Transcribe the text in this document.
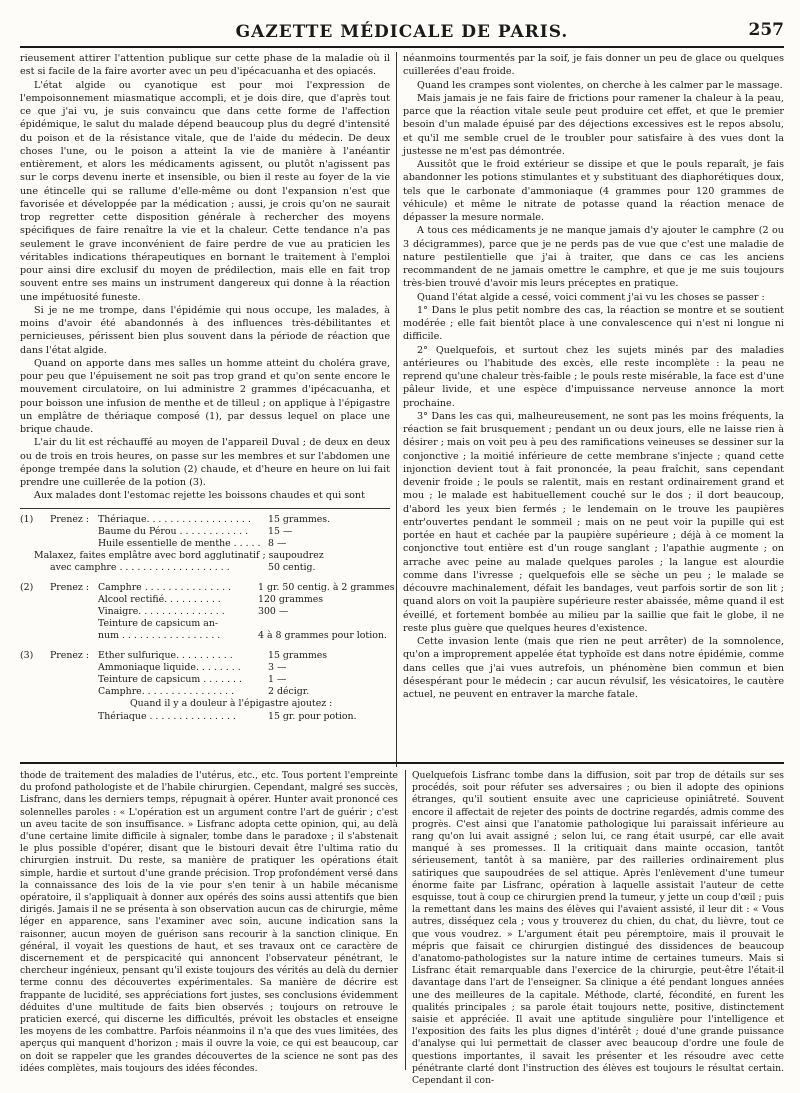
GAZETTE MÉDICALE DE PARIS.	257

rieusement attirer l'attention publique sur cette phase de la maladie où il est si facile de la faire avorter avec un peu d'ipécacuanha et des opiacés.

L'état algide ou cyanotique est pour moi l'expression de l'empoisonnement miasmatique accompli, et je dois dire, que d'après tout ce que j'ai vu, je suis convaincu que dans cette forme de l'affection épidémique, le salut du malade dépend beaucoup plus du degré d'intensité du poison et de la résistance vitale, que de l'aide du médecin. De deux choses l'une, ou le poison a atteint la vie de manière à l'anéantir entièrement, et alors les médicaments agissent, ou plutôt n'agissent pas sur le corps devenu inerte et insensible, ou bien il reste au foyer de la vie une étincelle qui se rallume d'elle-même ou dont l'expansion n'est que favorisée et développée par la médication ; aussi, je crois qu'on ne saurait trop regretter cette disposition générale à rechercher des moyens spécifiques de faire renaître la vie et la chaleur. Cette tendance n'a pas seulement le grave inconvénient de faire perdre de vue au praticien les véritables indications thérapeutiques en bornant le traitement à l'emploi pour ainsi dire exclusif du moyen de prédilection, mais elle en fait trop souvent entre ses mains un instrument dangereux qui donne à la réaction une impétuosité funeste.

Si je ne me trompe, dans l'épidémie qui nous occupe, les malades, à moins d'avoir été abandonnés à des influences très-débilitantes et pernicieuses, périssent bien plus souvent dans la période de réaction que dans l'état algide.

Quand on apporte dans mes salles un homme atteint du choléra grave, pour peu que l'épuisement ne soit pas trop grand et qu'on sente encore le mouvement circulatoire, on lui administre 2 grammes d'ipécacuanha, et pour boisson une infusion de menthe et de tilleul ; on applique à l'épigastre un emplâtre de thériaque composé (1), par dessus lequel on place une brique chaude.

L'air du lit est réchauffé au moyen de l'appareil Duval ; de deux en deux ou de trois en trois heures, on passe sur les membres et sur l'abdomen une éponge trempée dans la solution (2) chaude, et d'heure en heure on lui fait prendre une cuillerée de la potion (3).

Aux malades dont l'estomac rejette les boissons chaudes et qui sont

(1)	Prenez : Thériaque. . . . . . . . . . . . . . . . . .	15 grammes.
Baume du Pérou . . . . . . . . . . . .	15 —
Huile essentielle de menthe . . . . . 8 —
Malaxez, faites emplâtre avec bord agglutinatif ; saupoudrez
avec camphre . . . . . . . . . . . . . . . . . . .	50 centig.
(2)	Prenez : Camphre . . . . . . . . . . . . . . .	1 gr. 50 centig. à 2 grammes
Alcool rectifié. . . . . . . . . .	120 grammes
Vinaigre. . . . . . . . . . . . . . .	300 —
Teinture de capsicum an-
num . . . . . . . . . . . . . . . . .	4 à 8 grammes pour lotion.
(3)	Prenez : Ether sulfurique. . . . . . . . . .	15 grammes
Ammoniaque liquide. . . . . . . .	3 —
Teinture de capsicum . . . . . . .	1 —
Camphre. . . . . . . . . . . . . . . .	2 décigr.
Quand il y a douleur à l'épigastre ajoutez :
Thériaque . . . . . . . . . . . . . . .	15 gr. pour potion.

néanmoins tourmentés par la soif, je fais donner un peu de glace ou quelques cuillerées d'eau froide.

Quand les crampes sont violentes, on cherche à les calmer par le massage.

Mais jamais je ne fais faire de frictions pour ramener la chaleur à la peau, parce que la réaction vitale seule peut produire cet effet, et que le premier besoin d'un malade épuisé par des déjections excessives est le repos absolu, et qu'il me semble cruel de le troubler pour satisfaire à des vues dont la justesse ne m'est pas démontrée.

Aussitôt que le froid extérieur se dissipe et que le pouls reparaît, je fais abandonner les potions stimulantes et y substituant des diaphorétiques doux, tels que le carbonate d'ammoniaque (4 grammes pour 120 grammes de véhicule) et même le nitrate de potasse quand la réaction menace de dépasser la mesure normale.

A tous ces médicaments je ne manque jamais d'y ajouter le camphre (2 ou 3 décigrammes), parce que je ne perds pas de vue que c'est une maladie de nature pestilentielle que j'ai à traiter, que dans ce cas les anciens recommandent de ne jamais omettre le camphre, et que je me suis toujours très-bien trouvé d'avoir mis leurs préceptes en pratique.

Quand l'état algide a cessé, voici comment j'ai vu les choses se passer :

1° Dans le plus petit nombre des cas, la réaction se montre et se soutient modérée ; elle fait bientôt place à une convalescence qui n'est ni longue ni difficile.

2° Quelquefois, et surtout chez les sujets minés par des maladies antérieures ou l'habitude des excès, elle reste incomplète : la peau ne reprend qu'une chaleur très-faible ; le pouls reste misérable, la face est d'une pâleur livide, et une espèce d'impuissance nerveuse annonce la mort prochaine.

3° Dans les cas qui, malheureusement, ne sont pas les moins fréquents, la réaction se fait brusquement ; pendant un ou deux jours, elle ne laisse rien à désirer ; mais on voit peu à peu des ramifications veineuses se dessiner sur la conjonctive ; la moitié inférieure de cette membrane s'injecte ; quand cette injonction devient tout à fait prononcée, la peau fraîchit, sans cependant devenir froide ; le pouls se ralentit, mais en restant ordinairement grand et mou ; le malade est habituellement couché sur le dos ; il dort beaucoup, d'abord les yeux bien fermés ; le lendemain on le trouve les paupières entr'ouvertes pendant le sommeil ; mais on ne peut voir la pupille qui est portée en haut et cachée par la paupière supérieure ; déjà à ce moment la conjonctive tout entière est d'un rouge sanglant ; l'apathie augmente ; on arrache avec peine au malade quelques paroles ; la langue est alourdie comme dans l'ivresse ; quelquefois elle se sèche un peu ; le malade se découvre machinalement, défait les bandages, veut parfois sortir de son lit ; quand alors on voit la paupière supérieure rester abaissée, même quand il est éveillé, et fortement bombée au milieu par la saillie que fait le globe, il ne reste plus guère que quelques heures d'existence.

Cette invasion lente (mais que rien ne peut arrêter) de la somnolence, qu'on a improprement appelée état typhoïde est dans notre épidémie, comme dans celles que j'ai vues autrefois, un phénomène bien commun et bien désespérant pour le médecin ; car aucun révulsif, les vésicatoires, le cautère actuel, ne peuvent en entraver la marche fatale.

thode de traitement des maladies de l'utérus, etc., etc. Tous portent l'empreinte du profond pathologiste et de l'habile chirurgien. Cependant, malgré ses succès, Lisfranc, dans les derniers temps, répugnait à opérer. Hunter avait prononcé ces solennelles paroles : « L'opération est un argument contre l'art de guérir ; c'est un aveu tacite de son insuffisance. » Lisfranc adopta cette opinion, qui, au delà d'une certaine limite difficile à signaler, tombe dans le paradoxe ; il s'abstenait le plus possible d'opérer, disant que le bistouri devait être l'ultima ratio du chirurgien instruit. Du reste, sa manière de pratiquer les opérations était simple, hardie et surtout d'une grande précision. Trop profondément versé dans la connaissance des lois de la vie pour s'en tenir à un habile mécanisme opératoire, il s'appliquait à donner aux opérés des soins aussi attentifs que bien dirigés. Jamais il ne se présenta à son observation aucun cas de chirurgie, même léger en apparence, sans l'examiner avec soin, aucune indication sans la raisonner, aucun moyen de guérison sans recourir à la sanction clinique. En général, il voyait les questions de haut, et ses travaux ont ce caractère de discernement et de perspicacité qui annoncent l'observateur pénétrant, le chercheur ingénieux, pensant qu'il existe toujours des vérités au delà du dernier terme connu des découvertes expérimentales. Sa manière de décrire est frappante de lucidité, ses appréciations fort justes, ses conclusions évidemment déduites d'une multitude de faits bien observés ; toujours on retrouve le praticien exercé, qui discerne les difficultés, prévoit les obstacles et enseigne les moyens de les combattre. Parfois néanmoins il n'a que des vues limitées, des aperçus qui manquent d'horizon ; mais il ouvre la voie, ce qui est beaucoup, car on doit se rappeler que les grandes découvertes de la science ne sont pas des idées complètes, mais toujours des idées fécondes.

Quelquefois Lisfranc tombe dans la diffusion, soit par trop de détails sur ses procédés, soit pour réfuter ses adversaires ; ou bien il adopte des opinions étranges, qu'il soutient ensuite avec une capricieuse opiniâtreté. Souvent encore il affectait de rejeter des points de doctrine regardés, admis comme des progrès. C'est ainsi que l'anatomie pathologique lui paraissait inférieure au rang qu'on lui avait assigné ; selon lui, ce rang était usurpé, car elle avait manqué à ses promesses. Il la critiquait dans mainte occasion, tantôt sérieusement, tantôt à sa manière, par des railleries ordinairement plus satiriques que saupoudrées de sel attique. Après l'enlèvement d'une tumeur énorme faite par Lisfranc, opération à laquelle assistait l'auteur de cette esquisse, tout à coup ce chirurgien prend la tumeur, y jette un coup d'œil ; puis la remettant dans les mains des élèves qui l'avaient assisté, il leur dit : « Vous autres, disséquez cela ; vous y trouverez du chien, du chat, du lièvre, tout ce que vous voudrez. » L'argument était peu péremptoire, mais il prouvait le mépris que faisait ce chirurgien distingué des dissidences de beaucoup d'anatomo-pathologistes sur la nature intime de certaines tumeurs. Mais si Lisfranc était remarquable dans l'exercice de la chirurgie, peut-être l'était-il davantage dans l'art de l'enseigner. Sa clinique a été pendant longues années une des meilleures de la capitale. Méthode, clarté, fécondité, en furent les qualités principales ; sa parole était toujours nette, positive, distinctement saisie et appréciée. Il avait une aptitude singulière pour l'intelligence et l'exposition des faits les plus dignes d'intérêt ; doué d'une grande puissance d'analyse qui lui permettait de classer avec beaucoup d'ordre une foule de questions importantes, il savait les présenter et les résoudre avec cette pénétrante clarté dont l'instruction des élèves est toujours le résultat certain. Cependant il con-
